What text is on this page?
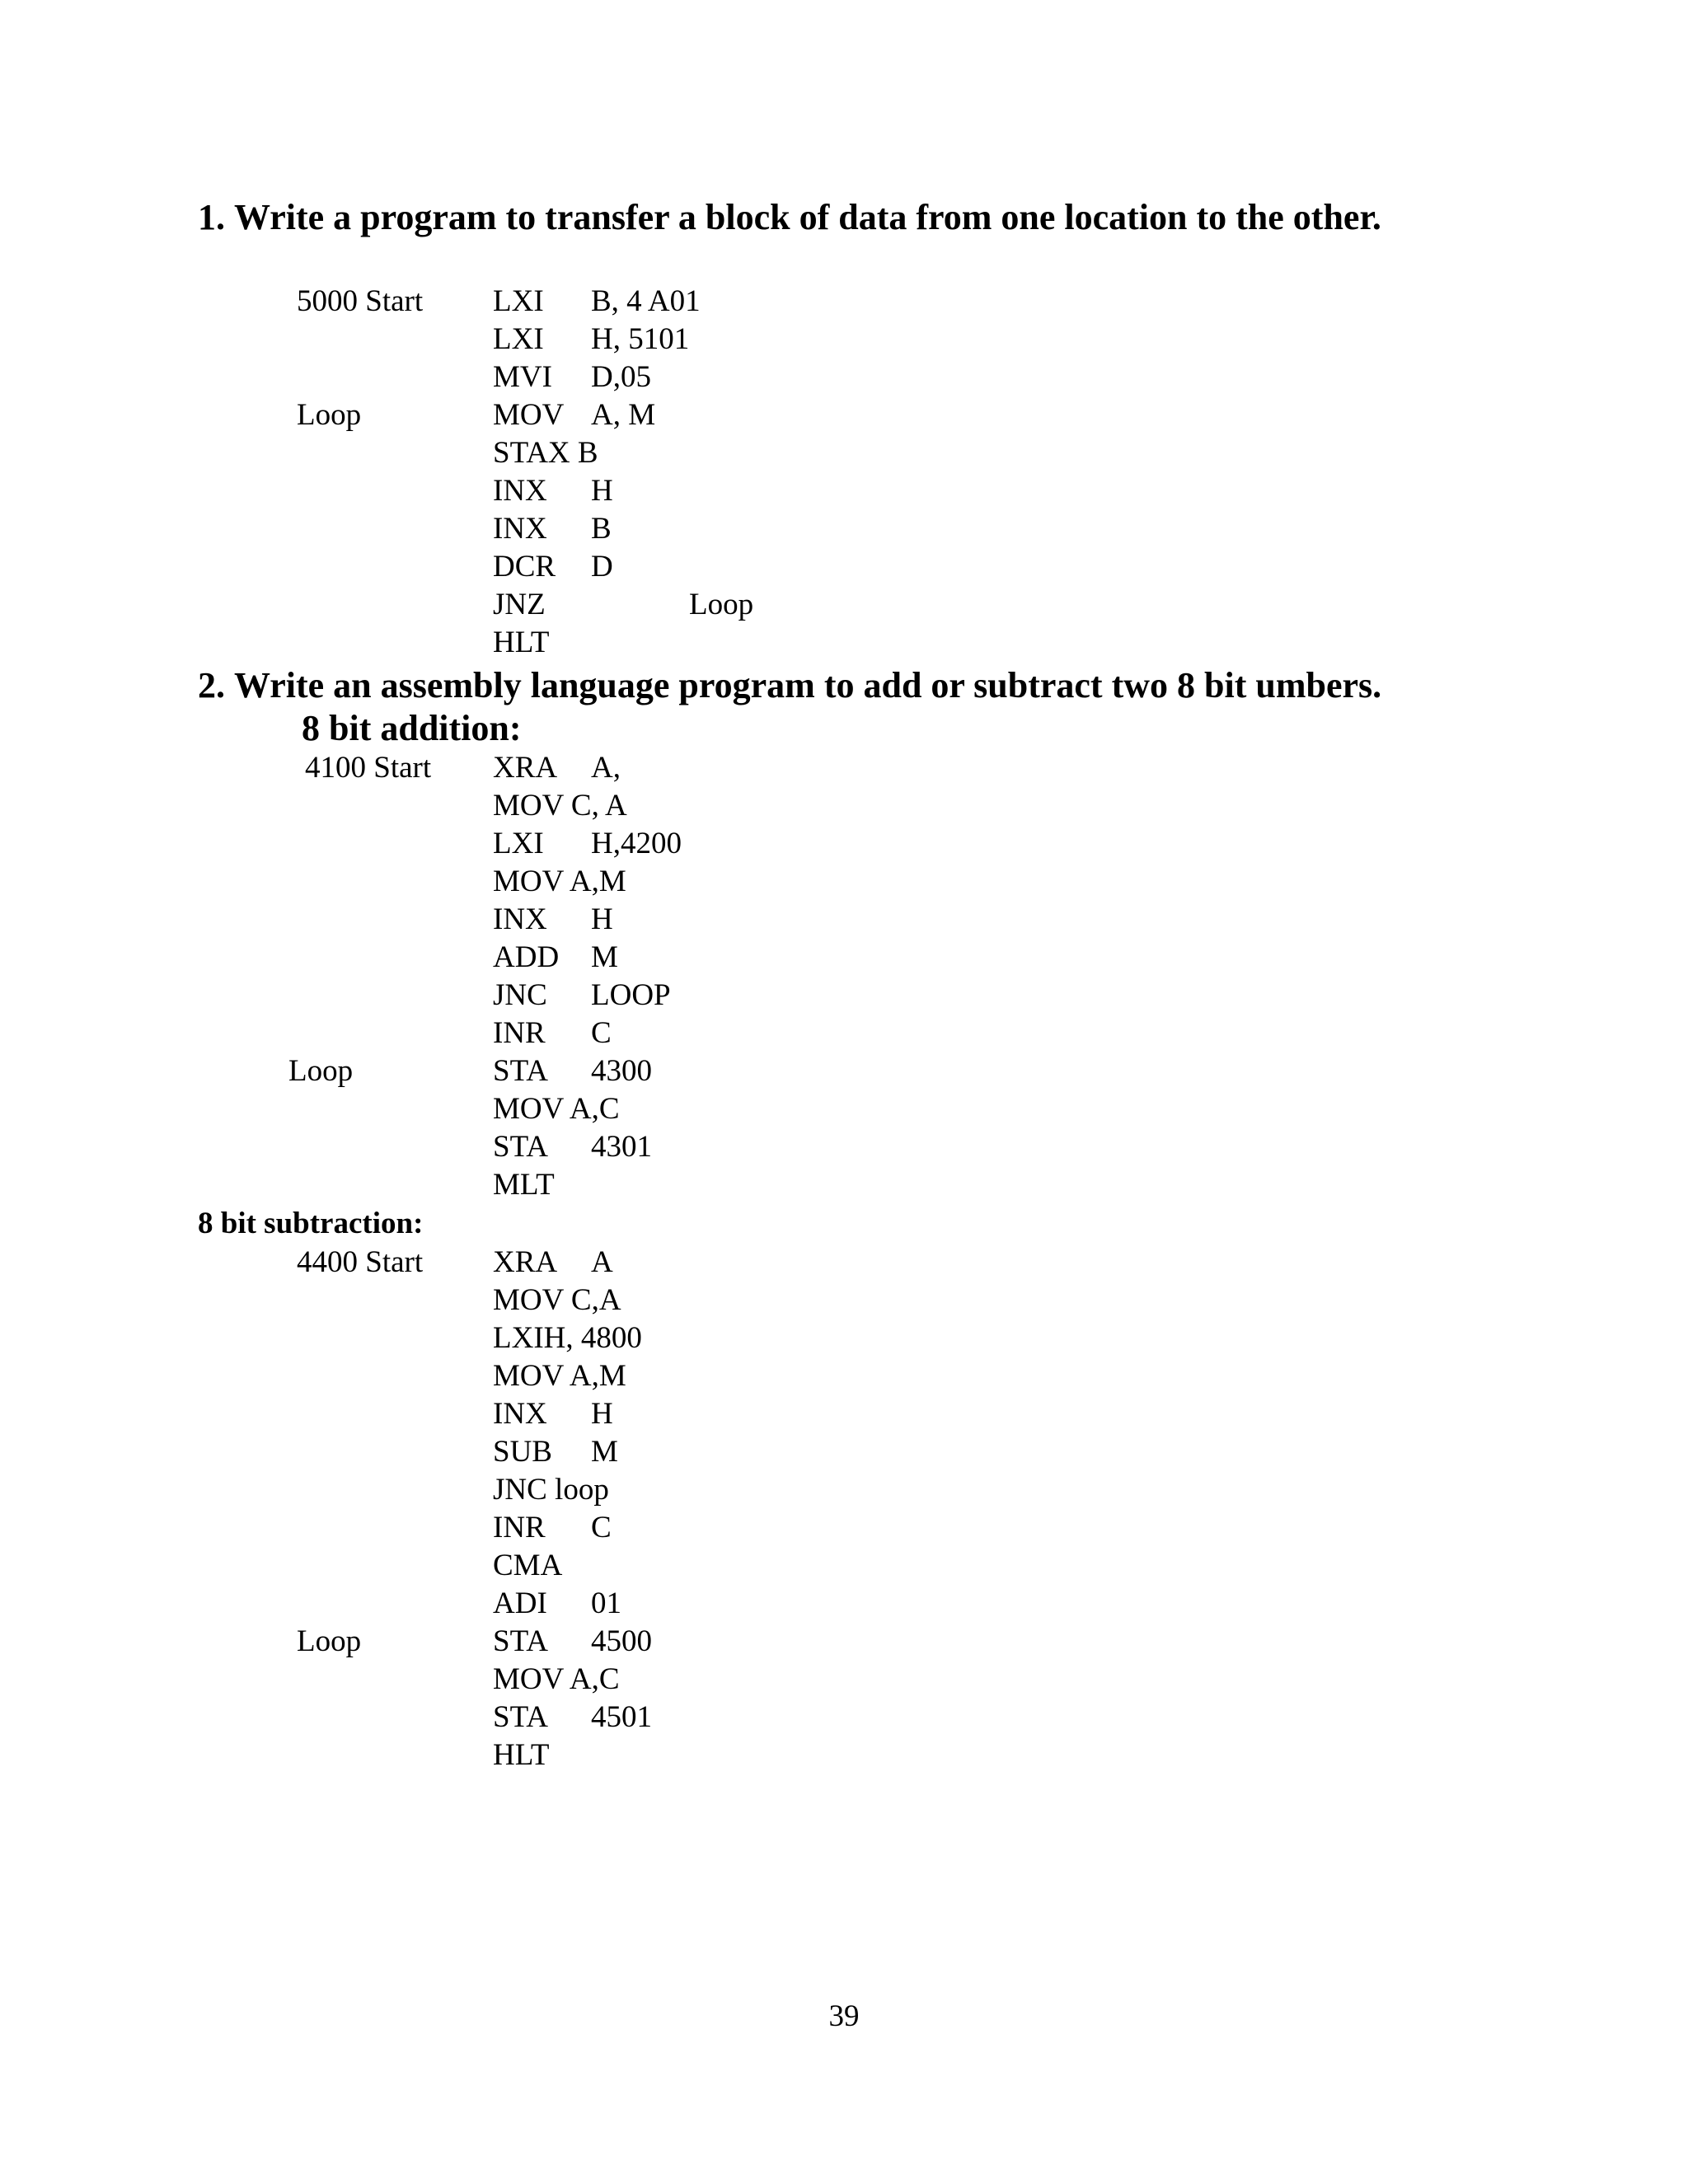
1. Write a program to transfer a block of data from one location to the other.
5000 Start LXI B, 4 A01
LXI H, 5101
MVI D,05
Loop	MOV A, M
STAX B
INX H
INX B
DCR D
JNZ	Loop
HLT
2. Write an assembly language program to add or subtract two 8 bit umbers.
8 bit addition:
4100 Start XRA A,
MOV C, A
LXI H,4200
MOV A,M
INX H
ADD M
JNC LOOP
INR C
Loop	STA 4300
MOV A,C
STA 4301
MLT
8 bit subtraction:
4400 Start XRA A
MOV C,A
LXIH, 4800
MOV A,M
INX H
SUB M
JNC loop
INR C
CMA
ADI 01
Loop	STA 4500
MOV A,C
STA 4501
HLT
39
